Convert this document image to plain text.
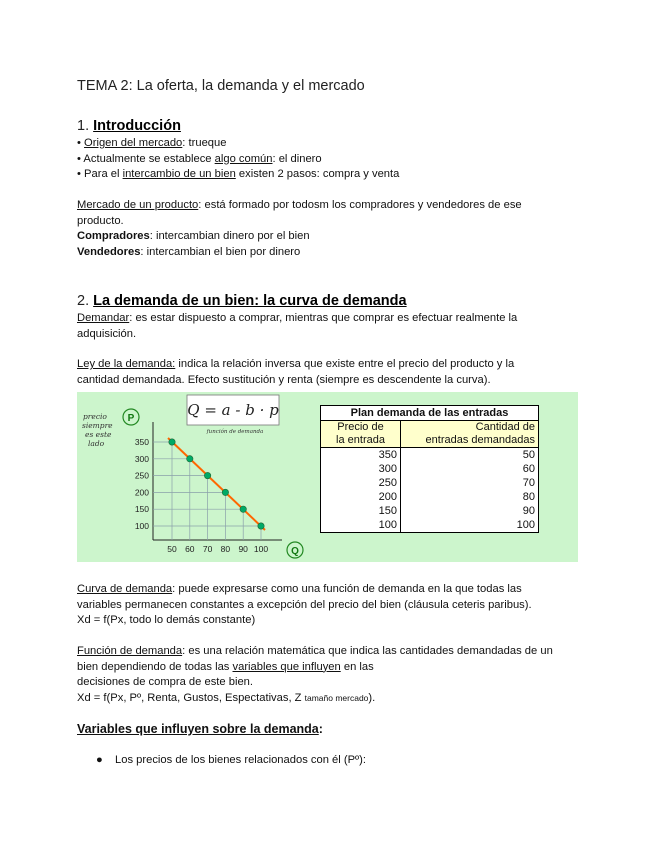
TEMA 2: La oferta, la demanda y el mercado
1. Introducción
• Origen del mercado: trueque
• Actualmente se establece algo común: el dinero
• Para el intercambio de un bien existen 2 pasos: compra y venta
Mercado de un producto: está formado por todosm los compradores y vendedores de ese
producto.
Compradores: intercambian dinero por el bien
Vendedores: intercambian el bien por dinero
2. La demanda de un bien: la curva de demanda
Demandar: es estar dispuesto a comprar, mientras que comprar es efectuar realmente la
adquisición.
Ley de la demanda: indica la relación inversa que existe entre el precio del producto y la
cantidad demandada. Efecto sustitución y renta (siempre es descendente la curva).
precio
siempre
es este
lado
P
Q
Q = a - b · p
función de demanda
100
150
200
250
300
350
50 60 70 80 90 100
Plan demanda de las entradas	
Precio de
la entrada	Cantidad de
entradas demandadas
350	50
300	60
250	70
200	80
150	90
100	100
Curva de demanda: puede expresarse como una función de demanda en la que todas las
variables permanecen constantes a excepción del precio del bien (cláusula ceteris paribus).
Xd = f(Px, todo lo demás constante)
Función de demanda: es una relación matemática que indica las cantidades demandadas de un
bien dependiendo de todas las variables que influyen en las
decisiones de compra de este bien.
Xd = f(Px, Pº, Renta, Gustos, Espectativas, Z tamaño mercado).
Variables que influyen sobre la demanda:
● Los precios de los bienes relacionados con él (Pº):
